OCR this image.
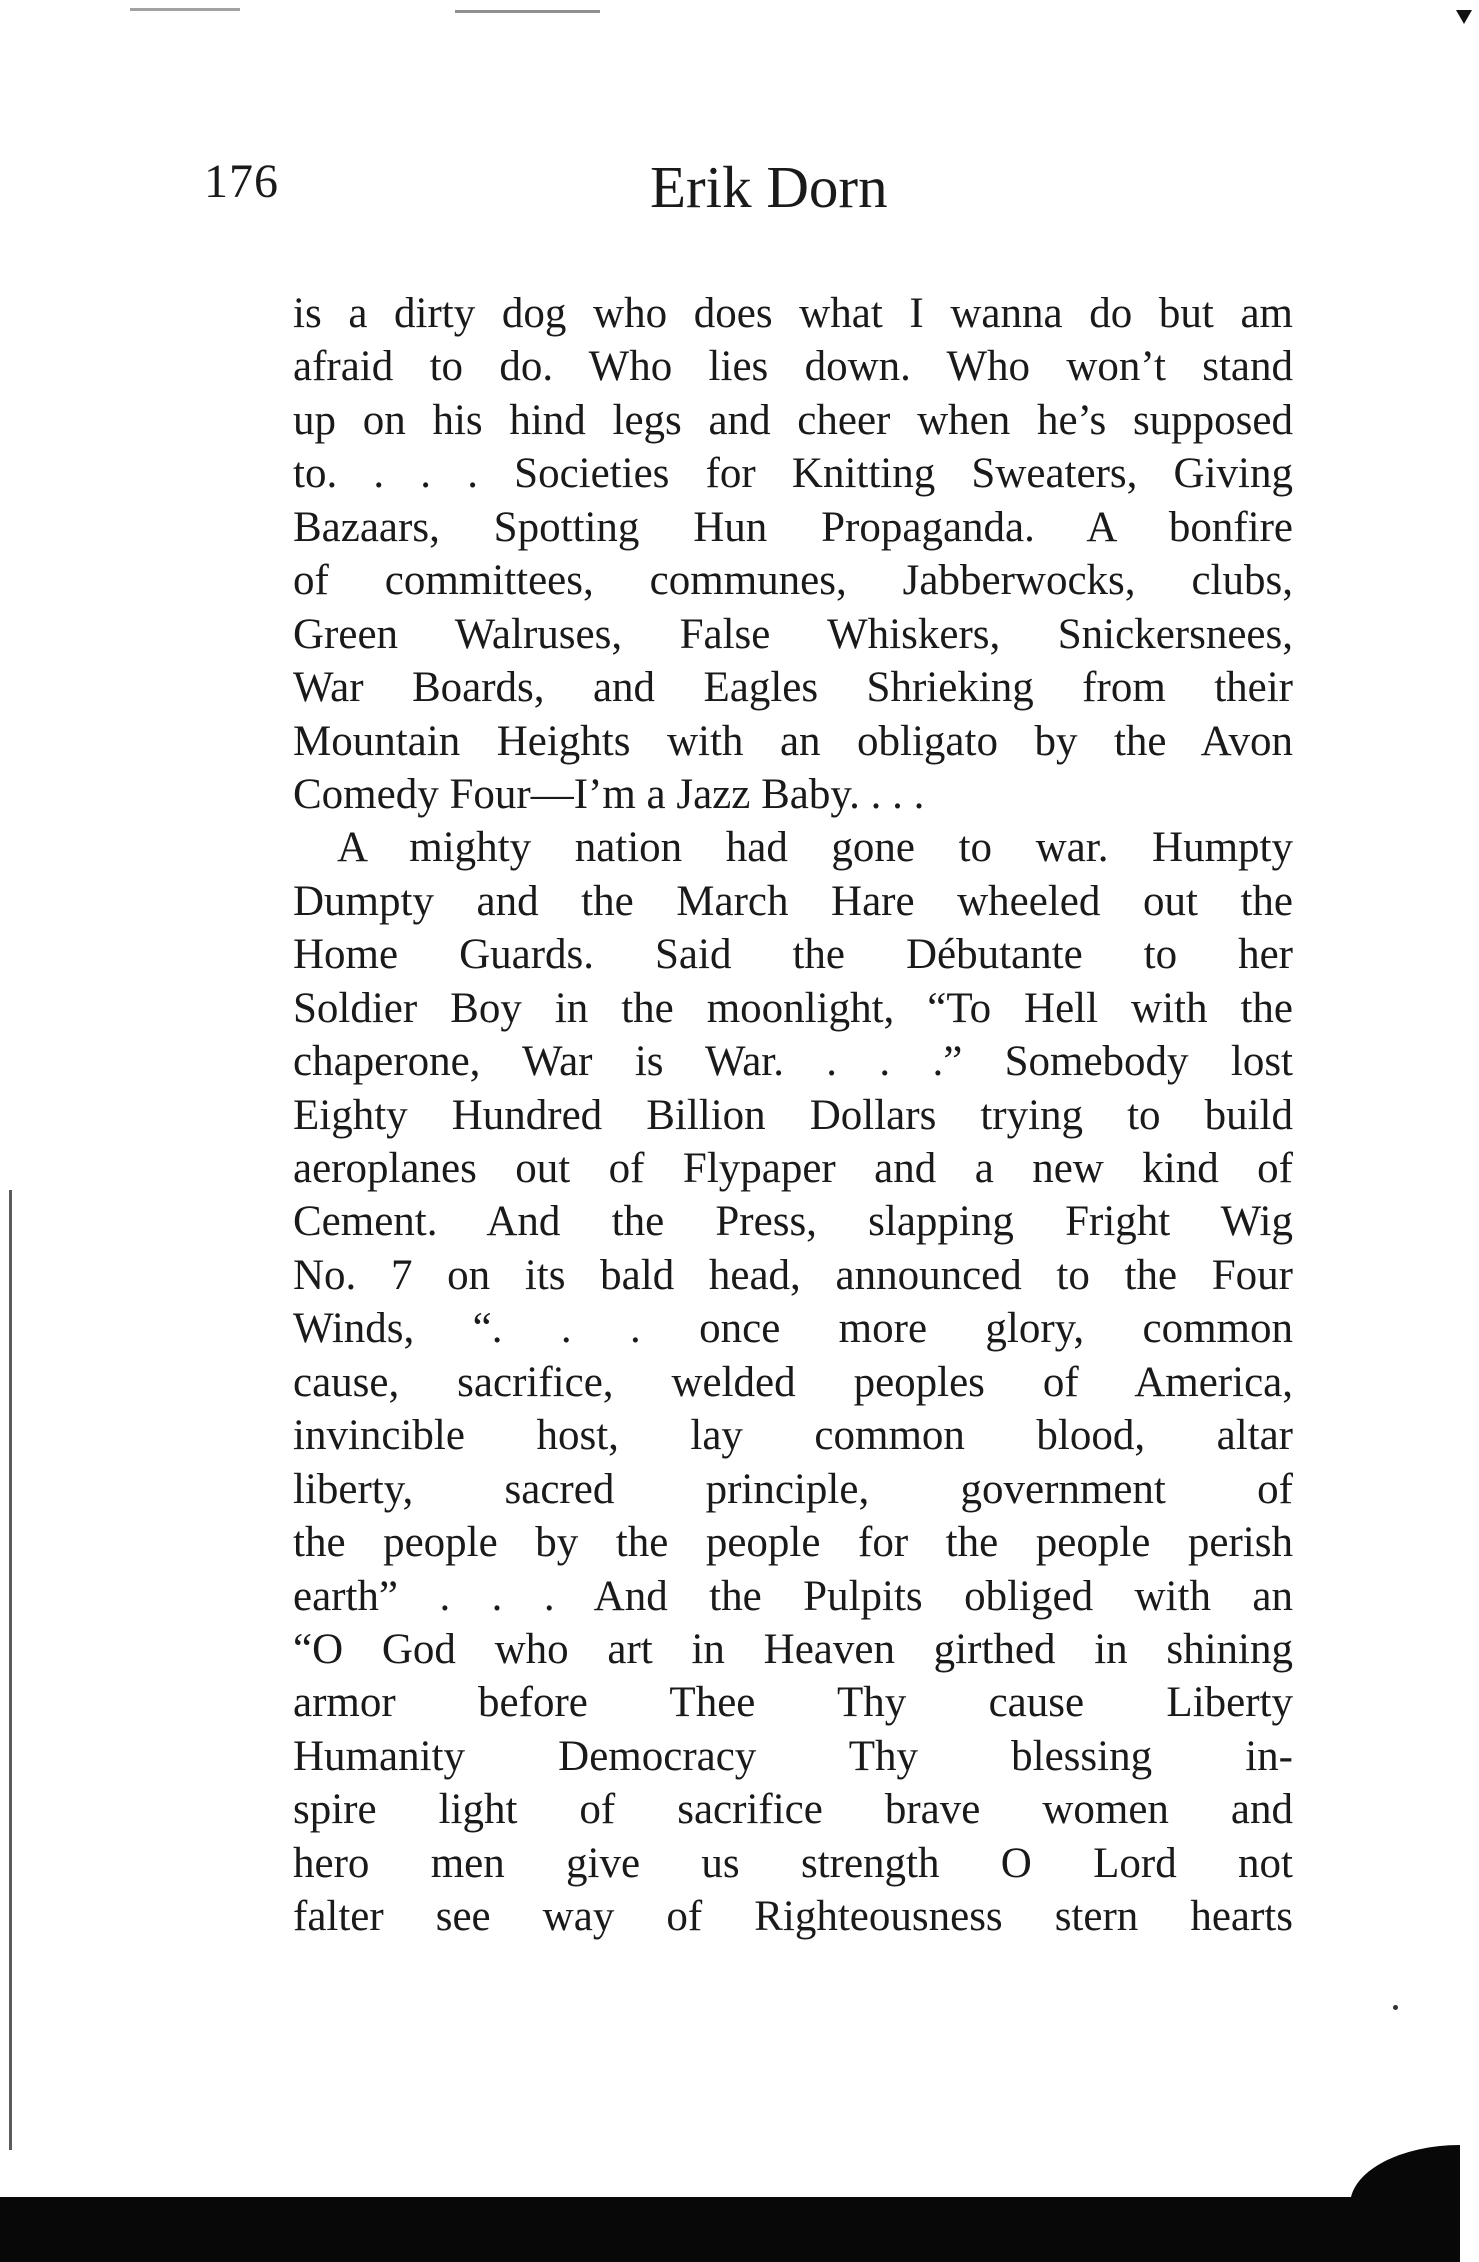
176	Erik Dorn
is a dirty dog who does what I wanna do but am
afraid to do. Who lies down. Who won’t stand
up on his hind legs and cheer when he’s supposed
to. . . . Societies for Knitting Sweaters, Giving
Bazaars, Spotting Hun Propaganda. A bonfire
of committees, communes, Jabberwocks, clubs,
Green Walruses, False Whiskers, Snickersnees,
War Boards, and Eagles Shrieking from their
Mountain Heights with an obligato by the Avon
Comedy Four—I’m a Jazz Baby. . . .
A mighty nation had gone to war. Humpty
Dumpty and the March Hare wheeled out the
Home Guards. Said the Débutante to her
Soldier Boy in the moonlight, “To Hell with the
chaperone, War is War. . . .” Somebody lost
Eighty Hundred Billion Dollars trying to build
aeroplanes out of Flypaper and a new kind of
Cement. And the Press, slapping Fright Wig
No. 7 on its bald head, announced to the Four
Winds, “. . . once more glory, common
cause, sacrifice, welded peoples of America,
invincible host, lay common blood, altar
liberty, sacred principle, government of
the people by the people for the people perish
earth” . . . And the Pulpits obliged with an
“O God who art in Heaven girthed in shining
armor before Thee Thy cause Liberty
Humanity Democracy Thy blessing in-
spire light of sacrifice brave women and
hero men give us strength O Lord not
falter see way of Righteousness stern hearts
